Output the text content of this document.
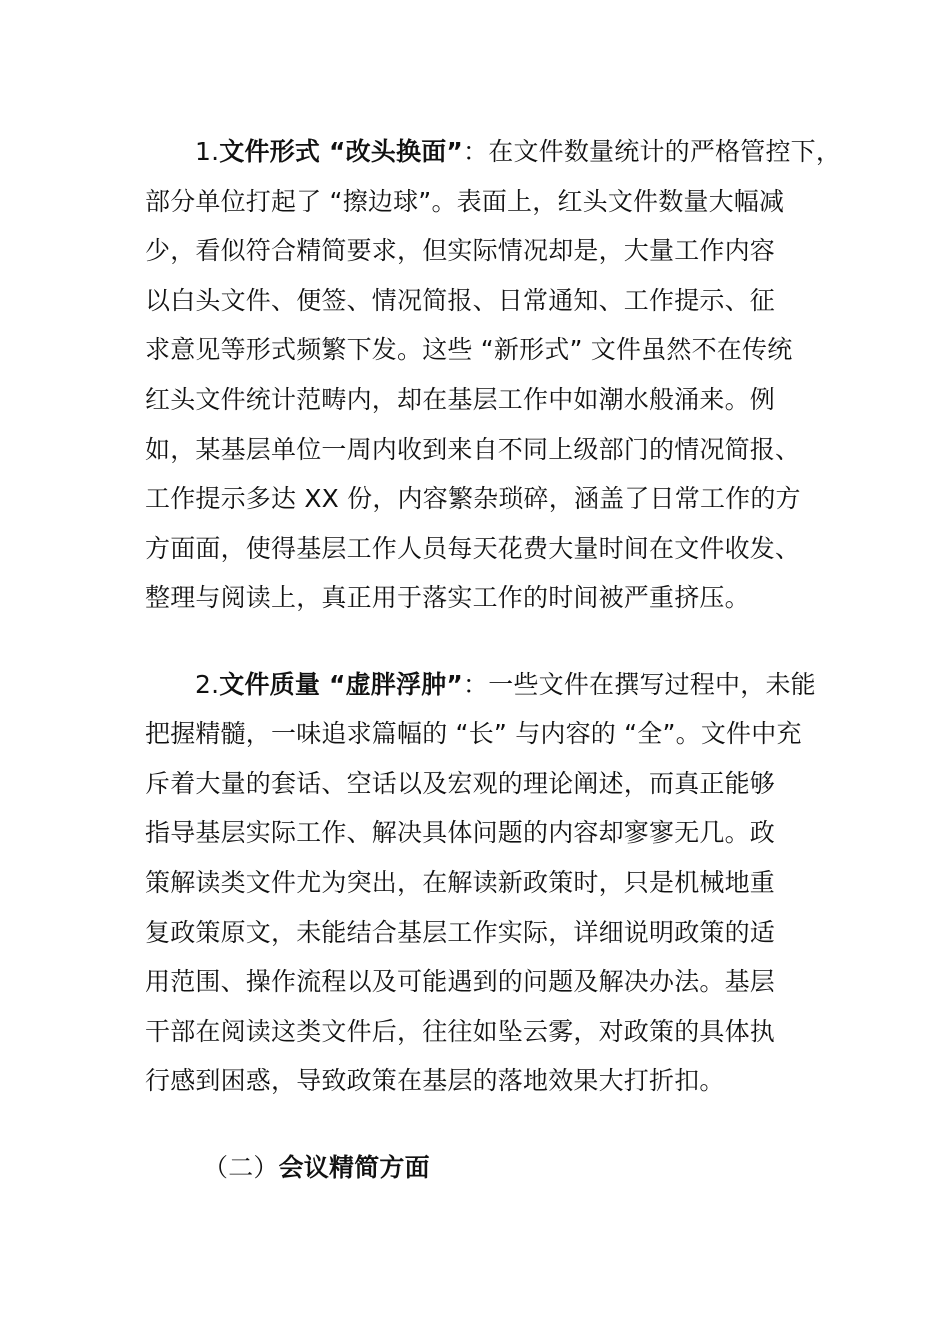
1.文件形式 “改头换面”：在文件数量统计的严格管控下，
部分单位打起了 “擦边球”。表面上，红头文件数量大幅减
少，看似符合精简要求，但实际情况却是，大量工作内容
以白头文件、便签、情况简报、日常通知、工作提示、征
求意见等形式频繁下发。这些 “新形式” 文件虽然不在传统
红头文件统计范畴内，却在基层工作中如潮水般涌来。例
如，某基层单位一周内收到来自不同上级部门的情况简报、
工作提示多达 XX 份，内容繁杂琐碎，涵盖了日常工作的方
方面面，使得基层工作人员每天花费大量时间在文件收发、
整理与阅读上，真正用于落实工作的时间被严重挤压。
2.文件质量 “虚胖浮肿”：一些文件在撰写过程中，未能
把握精髓，一味追求篇幅的 “长” 与内容的 “全”。文件中充
斥着大量的套话、空话以及宏观的理论阐述，而真正能够
指导基层实际工作、解决具体问题的内容却寥寥无几。政
策解读类文件尤为突出，在解读新政策时，只是机械地重
复政策原文，未能结合基层工作实际，详细说明政策的适
用范围、操作流程以及可能遇到的问题及解决办法。基层
干部在阅读这类文件后，往往如坠云雾，对政策的具体执
行感到困惑，导致政策在基层的落地效果大打折扣。
（二）会议精简方面
